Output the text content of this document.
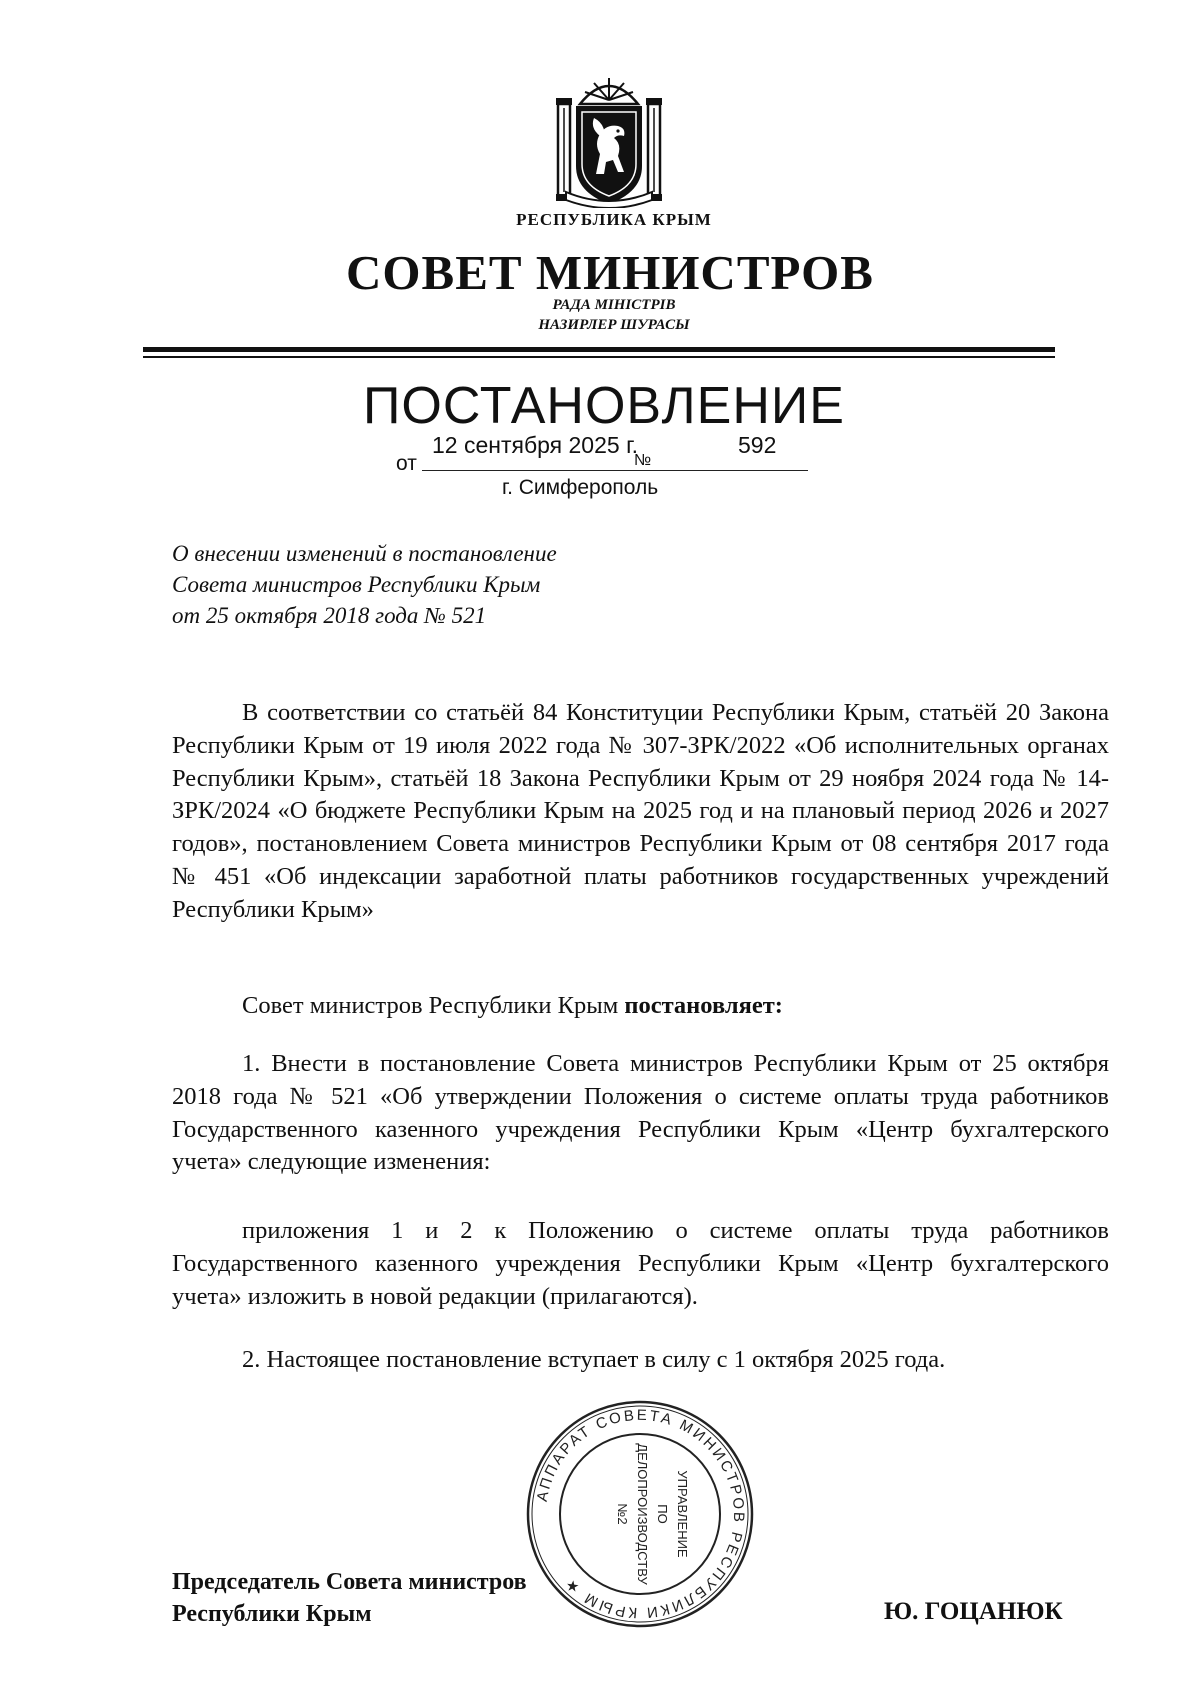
РЕСПУБЛИКА КРЫМ
СОВЕТ МИНИСТРОВ
РАДА МІНІСТРІВ
НАЗИРЛЕР ШУРАСЫ
ПОСТАНОВЛЕНИЕ
от
12 сентября 2025 г.
№
592
г. Симферополь
О внесении изменений в постановление
Совета министров Республики Крым
от 25 октября 2018 года № 521

В соответствии со статьёй 84 Конституции Республики Крым, статьёй 20 Закона Республики Крым от 19 июля 2022 года № 307-ЗРК/2022 «Об исполнительных органах Республики Крым», статьёй 18 Закона Республики Крым от 29 ноября 2024 года № 14-ЗРК/2024 «О бюджете Республики Крым на 2025 год и на плановый период 2026 и 2027 годов», постановлением Совета министров Республики Крым от 08 сентября 2017 года № 451 «Об индексации заработной платы работников государственных учреждений Республики Крым»

Совет министров Республики Крым постановляет:

1. Внести в постановление Совета министров Республики Крым от 25 октября 2018 года № 521 «Об утверждении Положения о системе оплаты труда работников Государственного казенного учреждения Республики Крым «Центр бухгалтерского учета» следующие изменения:

приложения 1 и 2 к Положению о системе оплаты труда работников Государственного казенного учреждения Республики Крым «Центр бухгалтерского учета» изложить в новой редакции (прилагаются).

2. Настоящее постановление вступает в силу с 1 октября 2025 года.

АППАРАТ СОВЕТА МИНИСТРОВ РЕСПУБЛИКИ КРЫМ ★
УПРАВЛЕНИЕ
ПО
ДЕЛОПРОИЗВОДСТВУ
№2
Председатель Совета министров
Республики Крым	Ю. ГОЦАНЮК
